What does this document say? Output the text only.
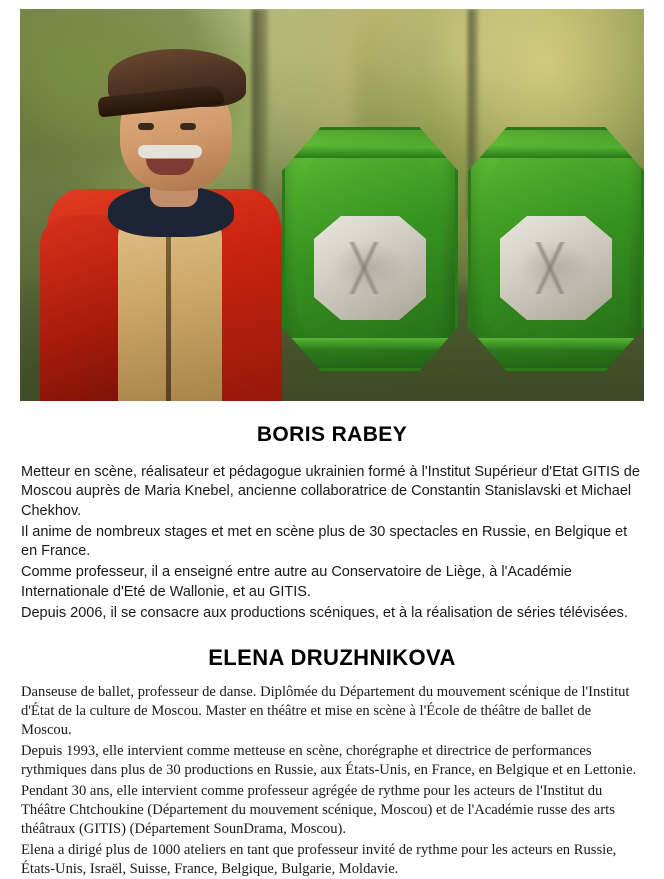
BORIS RABEY

Metteur en scène, réalisateur et pédagogue ukrainien formé à l'Institut Supérieur d'Etat GITIS de Moscou auprès de Maria Knebel, ancienne collaboratrice de Constantin Stanislavski et Michael Chekhov.

Il anime de nombreux stages et met en scène plus de 30 spectacles en Russie, en Belgique et en France.

Comme professeur, il a enseigné entre autre au Conservatoire de Liège, à l'Académie Internationale d'Eté de Wallonie, et au GITIS.

Depuis 2006, il se consacre aux productions scéniques, et à la réalisation de séries télévisées.

ELENA DRUZHNIKOVA

Danseuse de ballet, professeur de danse. Diplômée du Département du mouvement scénique de l'Institut d'État de la culture de Moscou. Master en théâtre et mise en scène à l'École de théâtre de ballet de Moscou.

Depuis 1993, elle intervient comme metteuse en scène, chorégraphe et directrice de performances rythmiques dans plus de 30 productions en Russie, aux États-Unis, en France, en Belgique et en Lettonie.

Pendant 30 ans, elle intervient comme professeur agrégée de rythme pour les acteurs de l'Institut du Théâtre Chtchoukine (Département du mouvement scénique, Moscou) et de l'Académie russe des arts théâtraux (GITIS) (Département SounDrama, Moscou).

Elena a dirigé plus de 1000 ateliers en tant que professeur invité de rythme pour les acteurs en Russie, États-Unis, Israël, Suisse, France, Belgique, Bulgarie, Moldavie.
